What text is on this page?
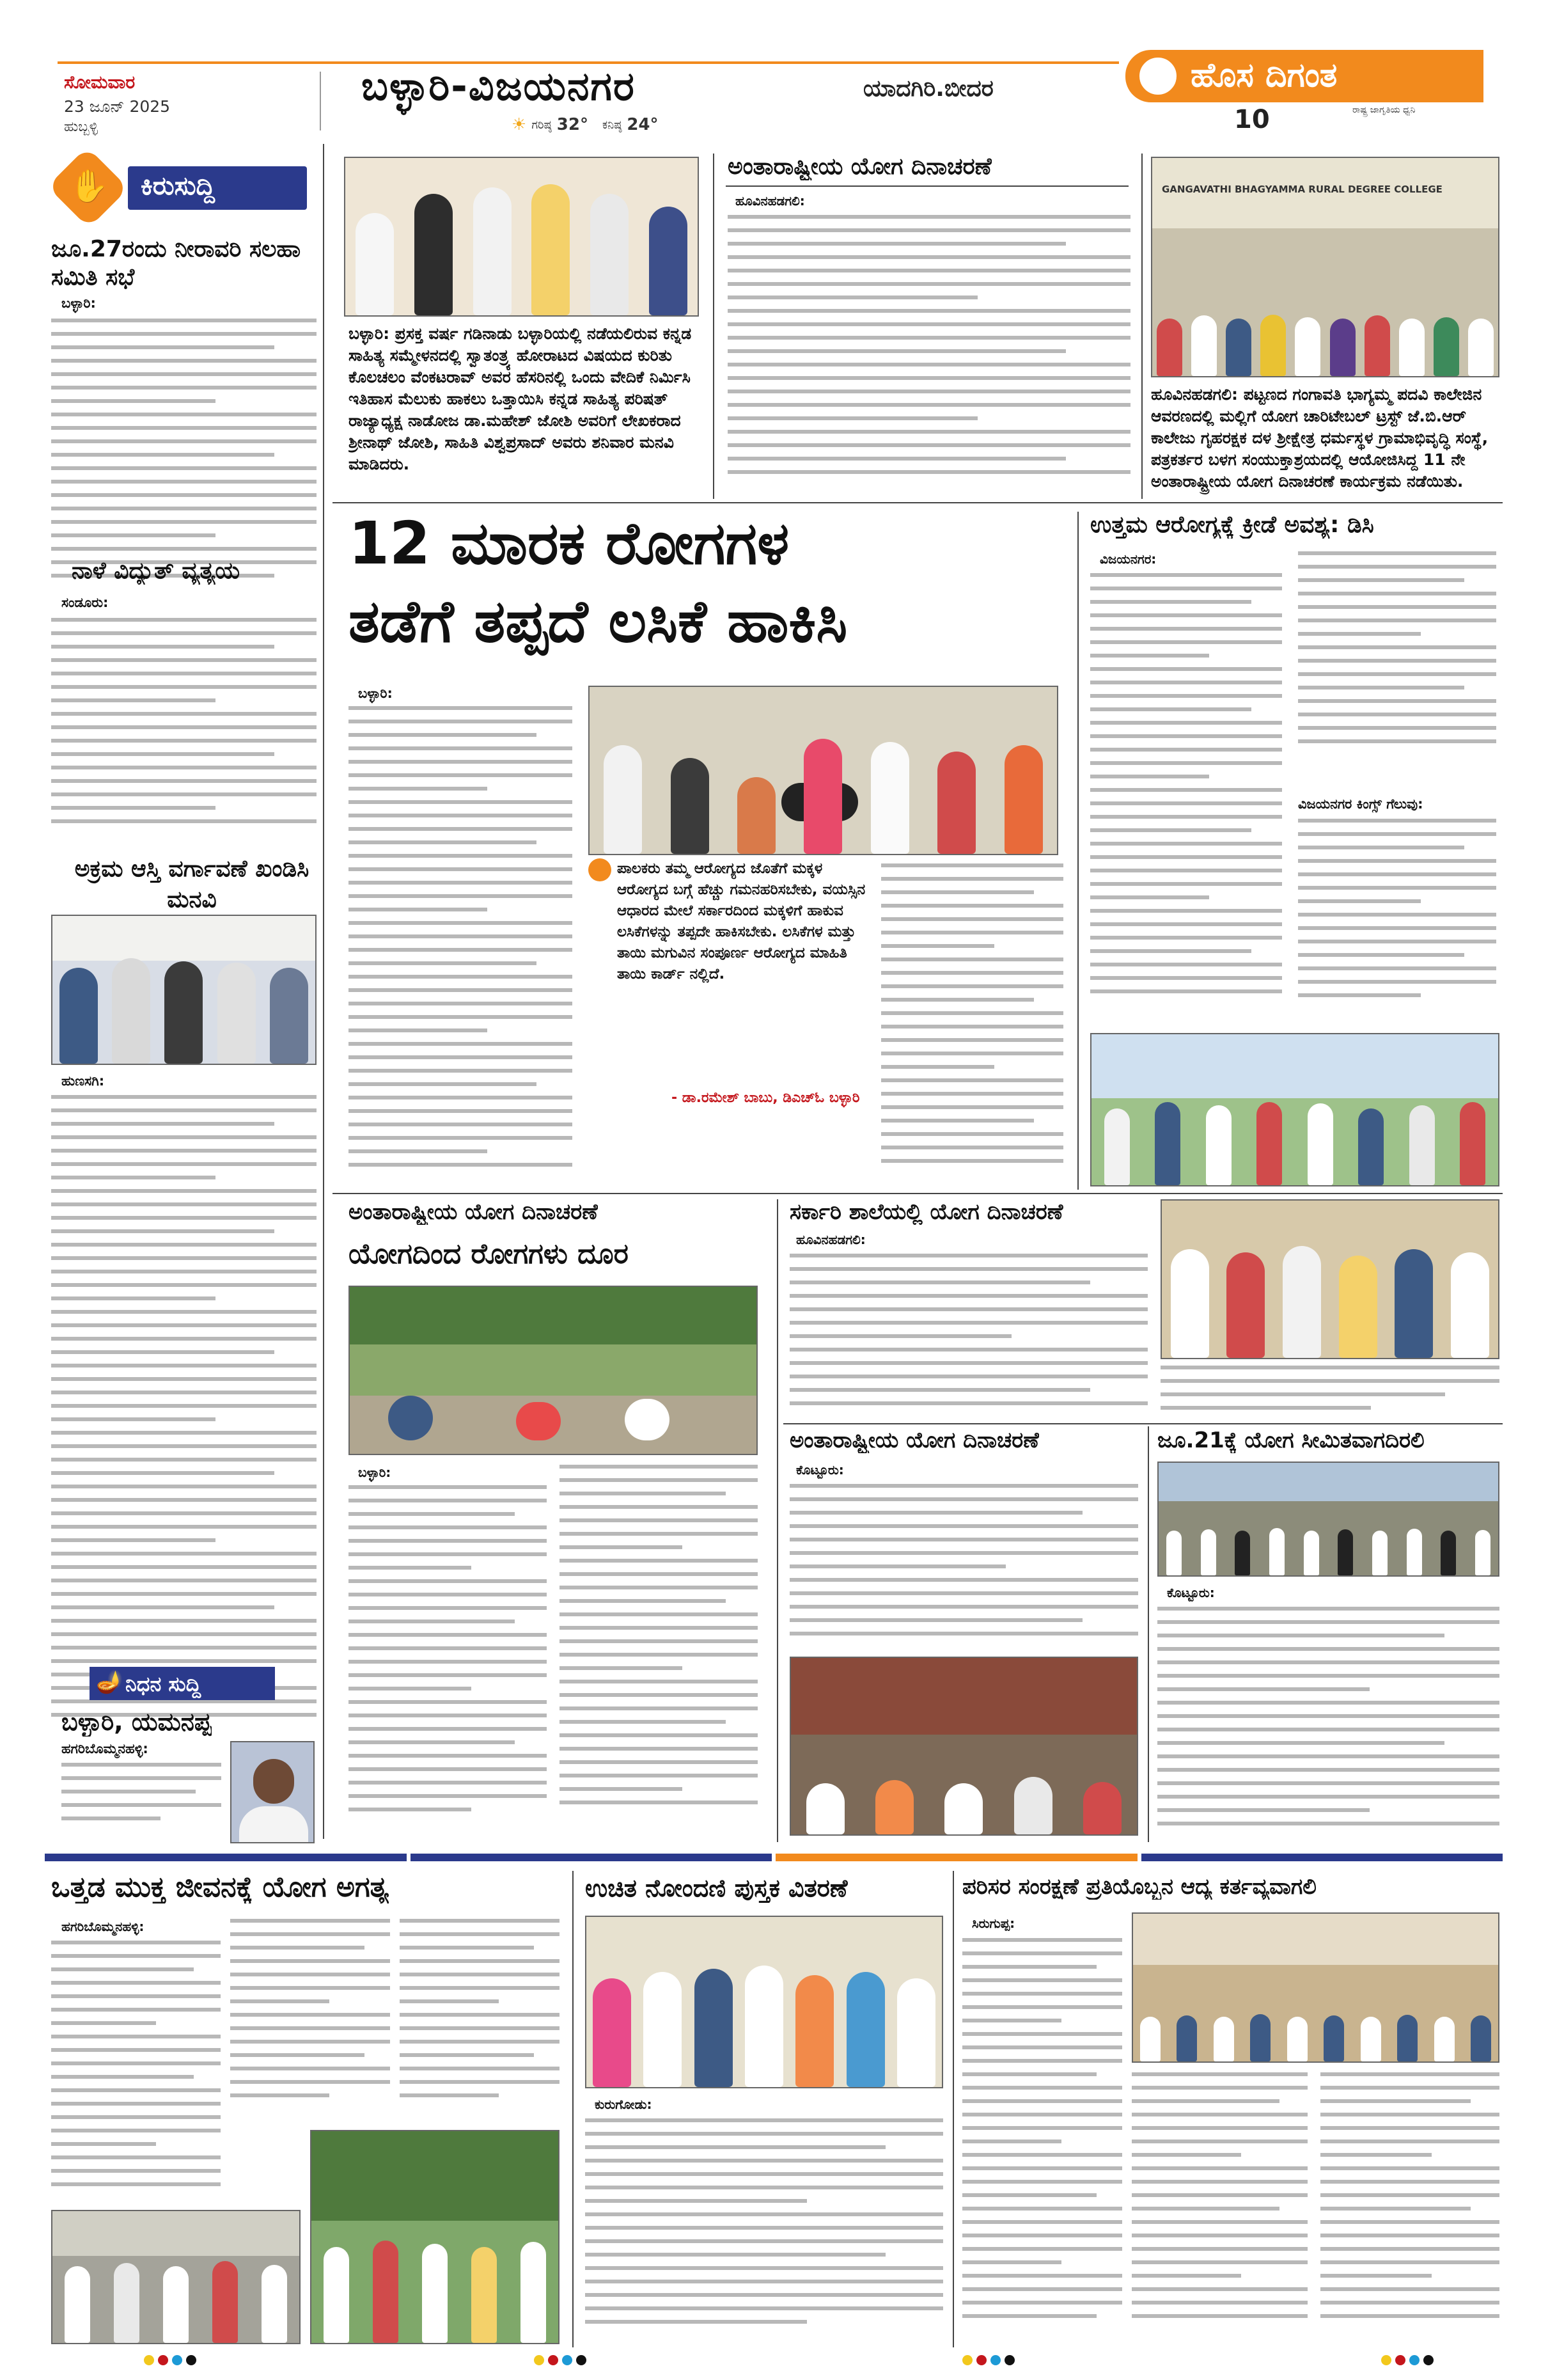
ಸೋಮವಾರ
23 ಜೂನ್ 2025
ಹುಬ್ಬಳ್ಳಿ
ಬಳ್ಳಾರಿ-ವಿಜಯನಗರ	ಯಾದಗಿರಿ.ಬೀದರ
☀ ಗರಿಷ್ಠ 32° ಕನಿಷ್ಠ 24°
ಹೊಸ ದಿಗಂತ
ರಾಷ್ಟ್ರ ಜಾಗೃತಿಯ ಧ್ವನಿ
10
✋ ಕಿರುಸುದ್ದಿ
ಜೂ.27ರಂದು ನೀರಾವರಿ ಸಲಹಾ ಸಮಿತಿ ಸಭೆ
ಬಳ್ಳಾರಿ:
ನಾಳೆ ವಿದ್ಯುತ್ ವ್ಯತ್ಯಯ
ಸಂಡೂರು:
ಅಕ್ರಮ ಆಸ್ತಿ ವರ್ಗಾವಣೆ ಖಂಡಿಸಿ ಮನವಿ
ಹುಣಸಗಿ:
🪔 ನಿಧನ ಸುದ್ದಿ
ಬಳ್ಳಾರಿ, ಯಮನಪ್ಪ
ಹಗರಿಬೊಮ್ಮನಹಳ್ಳಿ:
ಬಳ್ಳಾರಿ: ಪ್ರಸಕ್ತ ವರ್ಷ ಗಡಿನಾಡು ಬಳ್ಳಾರಿಯಲ್ಲಿ ನಡೆಯಲಿರುವ ಕನ್ನಡ ಸಾಹಿತ್ಯ ಸಮ್ಮೇಳನದಲ್ಲಿ ಸ್ವಾತಂತ್ರ್ಯ ಹೋರಾಟದ ವಿಷಯದ ಕುರಿತು ಕೊಲಚಲಂ ವೆಂಕಟರಾವ್ ಅವರ ಹೆಸರಿನಲ್ಲಿ ಒಂದು ವೇದಿಕೆ ನಿರ್ಮಿಸಿ ಇತಿಹಾಸ ಮೆಲುಕು ಹಾಕಲು ಒತ್ತಾಯಿಸಿ ಕನ್ನಡ ಸಾಹಿತ್ಯ ಪರಿಷತ್ ರಾಜ್ಯಾಧ್ಯಕ್ಷ ನಾಡೋಜ ಡಾ.ಮಹೇಶ್ ಜೋಶಿ ಅವರಿಗೆ ಲೇಖಕರಾದ ಶ್ರೀನಾಥ್ ಜೋಶಿ, ಸಾಹಿತಿ ವಿಶ್ವಪ್ರಸಾದ್ ಅವರು ಶನಿವಾರ ಮನವಿ ಮಾಡಿದರು.
ಅಂತಾರಾಷ್ಟ್ರೀಯ ಯೋಗ ದಿನಾಚರಣೆ
ಹೂವಿನಹಡಗಲಿ:
GANGAVATHI BHAGYAMMA RURAL DEGREE COLLEGE
ಹೂವಿನಹಡಗಲಿ: ಪಟ್ಟಣದ ಗಂಗಾವತಿ ಭಾಗ್ಯಮ್ಮ ಪದವಿ ಕಾಲೇಜಿನ ಆವರಣದಲ್ಲಿ ಮಲ್ಲಿಗೆ ಯೋಗ ಚಾರಿಟೇಬಲ್ ಟ್ರಸ್ಟ್ ಜೆ.ಬಿ.ಆರ್ ಕಾಲೇಜು ಗೃಹರಕ್ಷಕ ದಳ ಶ್ರೀಕ್ಷೇತ್ರ ಧರ್ಮಸ್ಥಳ ಗ್ರಾಮಾಭಿವೃದ್ಧಿ ಸಂಸ್ಥೆ, ಪತ್ರಕರ್ತರ ಬಳಗ ಸಂಯುಕ್ತಾಶ್ರಯದಲ್ಲಿ ಆಯೋಜಿಸಿದ್ದ 11 ನೇ ಅಂತಾರಾಷ್ಟ್ರೀಯ ಯೋಗ ದಿನಾಚರಣೆ ಕಾರ್ಯಕ್ರಮ ನಡೆಯಿತು.
12 ಮಾರಕ ರೋಗಗಳ
ತಡೆಗೆ ತಪ್ಪದೆ ಲಸಿಕೆ ಹಾಕಿಸಿ
ಬಳ್ಳಾರಿ:
ಪಾಲಕರು ತಮ್ಮ ಆರೋಗ್ಯದ ಜೊತೆಗೆ ಮಕ್ಕಳ ಆರೋಗ್ಯದ ಬಗ್ಗೆ ಹೆಚ್ಚು ಗಮನಹರಿಸಬೇಕು, ವಯಸ್ಸಿನ ಆಧಾರದ ಮೇಲೆ ಸರ್ಕಾರದಿಂದ ಮಕ್ಕಳಿಗೆ ಹಾಕುವ ಲಸಿಕೆಗಳನ್ನು ತಪ್ಪದೇ ಹಾಕಿಸಬೇಕು. ಲಸಿಕೆಗಳ ಮತ್ತು ತಾಯಿ ಮಗುವಿನ ಸಂಪೂರ್ಣ ಆರೋಗ್ಯದ ಮಾಹಿತಿ ತಾಯಿ ಕಾರ್ಡ್ ನಲ್ಲಿದೆ.
- ಡಾ.ರಮೇಶ್ ಬಾಬು, ಡಿಎಚ್ಓ ಬಳ್ಳಾರಿ
ಉತ್ತಮ ಆರೋಗ್ಯಕ್ಕೆ ಕ್ರೀಡೆ ಅವಶ್ಯ: ಡಿಸಿ
ವಿಜಯನಗರ:
ವಿಜಯನಗರ ಕಿಂಗ್ಸ್ ಗೆಲುವು:
ಅಂತಾರಾಷ್ಟ್ರೀಯ ಯೋಗ ದಿನಾಚರಣೆ
ಯೋಗದಿಂದ ರೋಗಗಳು ದೂರ
ಬಳ್ಳಾರಿ:
ಸರ್ಕಾರಿ ಶಾಲೆಯಲ್ಲಿ ಯೋಗ ದಿನಾಚರಣೆ
ಹೂವಿನಹಡಗಲಿ:
ಅಂತಾರಾಷ್ಟ್ರೀಯ ಯೋಗ ದಿನಾಚರಣೆ
ಕೊಟ್ಟೂರು:
ಜೂ.21ಕ್ಕೆ ಯೋಗ ಸೀಮಿತವಾಗದಿರಲಿ
ಕೊಟ್ಟೂರು:
ಒತ್ತಡ ಮುಕ್ತ ಜೀವನಕ್ಕೆ ಯೋಗ ಅಗತ್ಯ
ಹಗರಿಬೊಮ್ಮನಹಳ್ಳಿ:
ಉಚಿತ ನೋಂದಣಿ ಪುಸ್ತಕ ವಿತರಣೆ
ಕುರುಗೋಡು:
ಪರಿಸರ ಸಂರಕ್ಷಣೆ ಪ್ರತಿಯೊಬ್ಬನ ಆದ್ಯ ಕರ್ತವ್ಯವಾಗಲಿ
ಸಿರುಗುಪ್ಪ:
